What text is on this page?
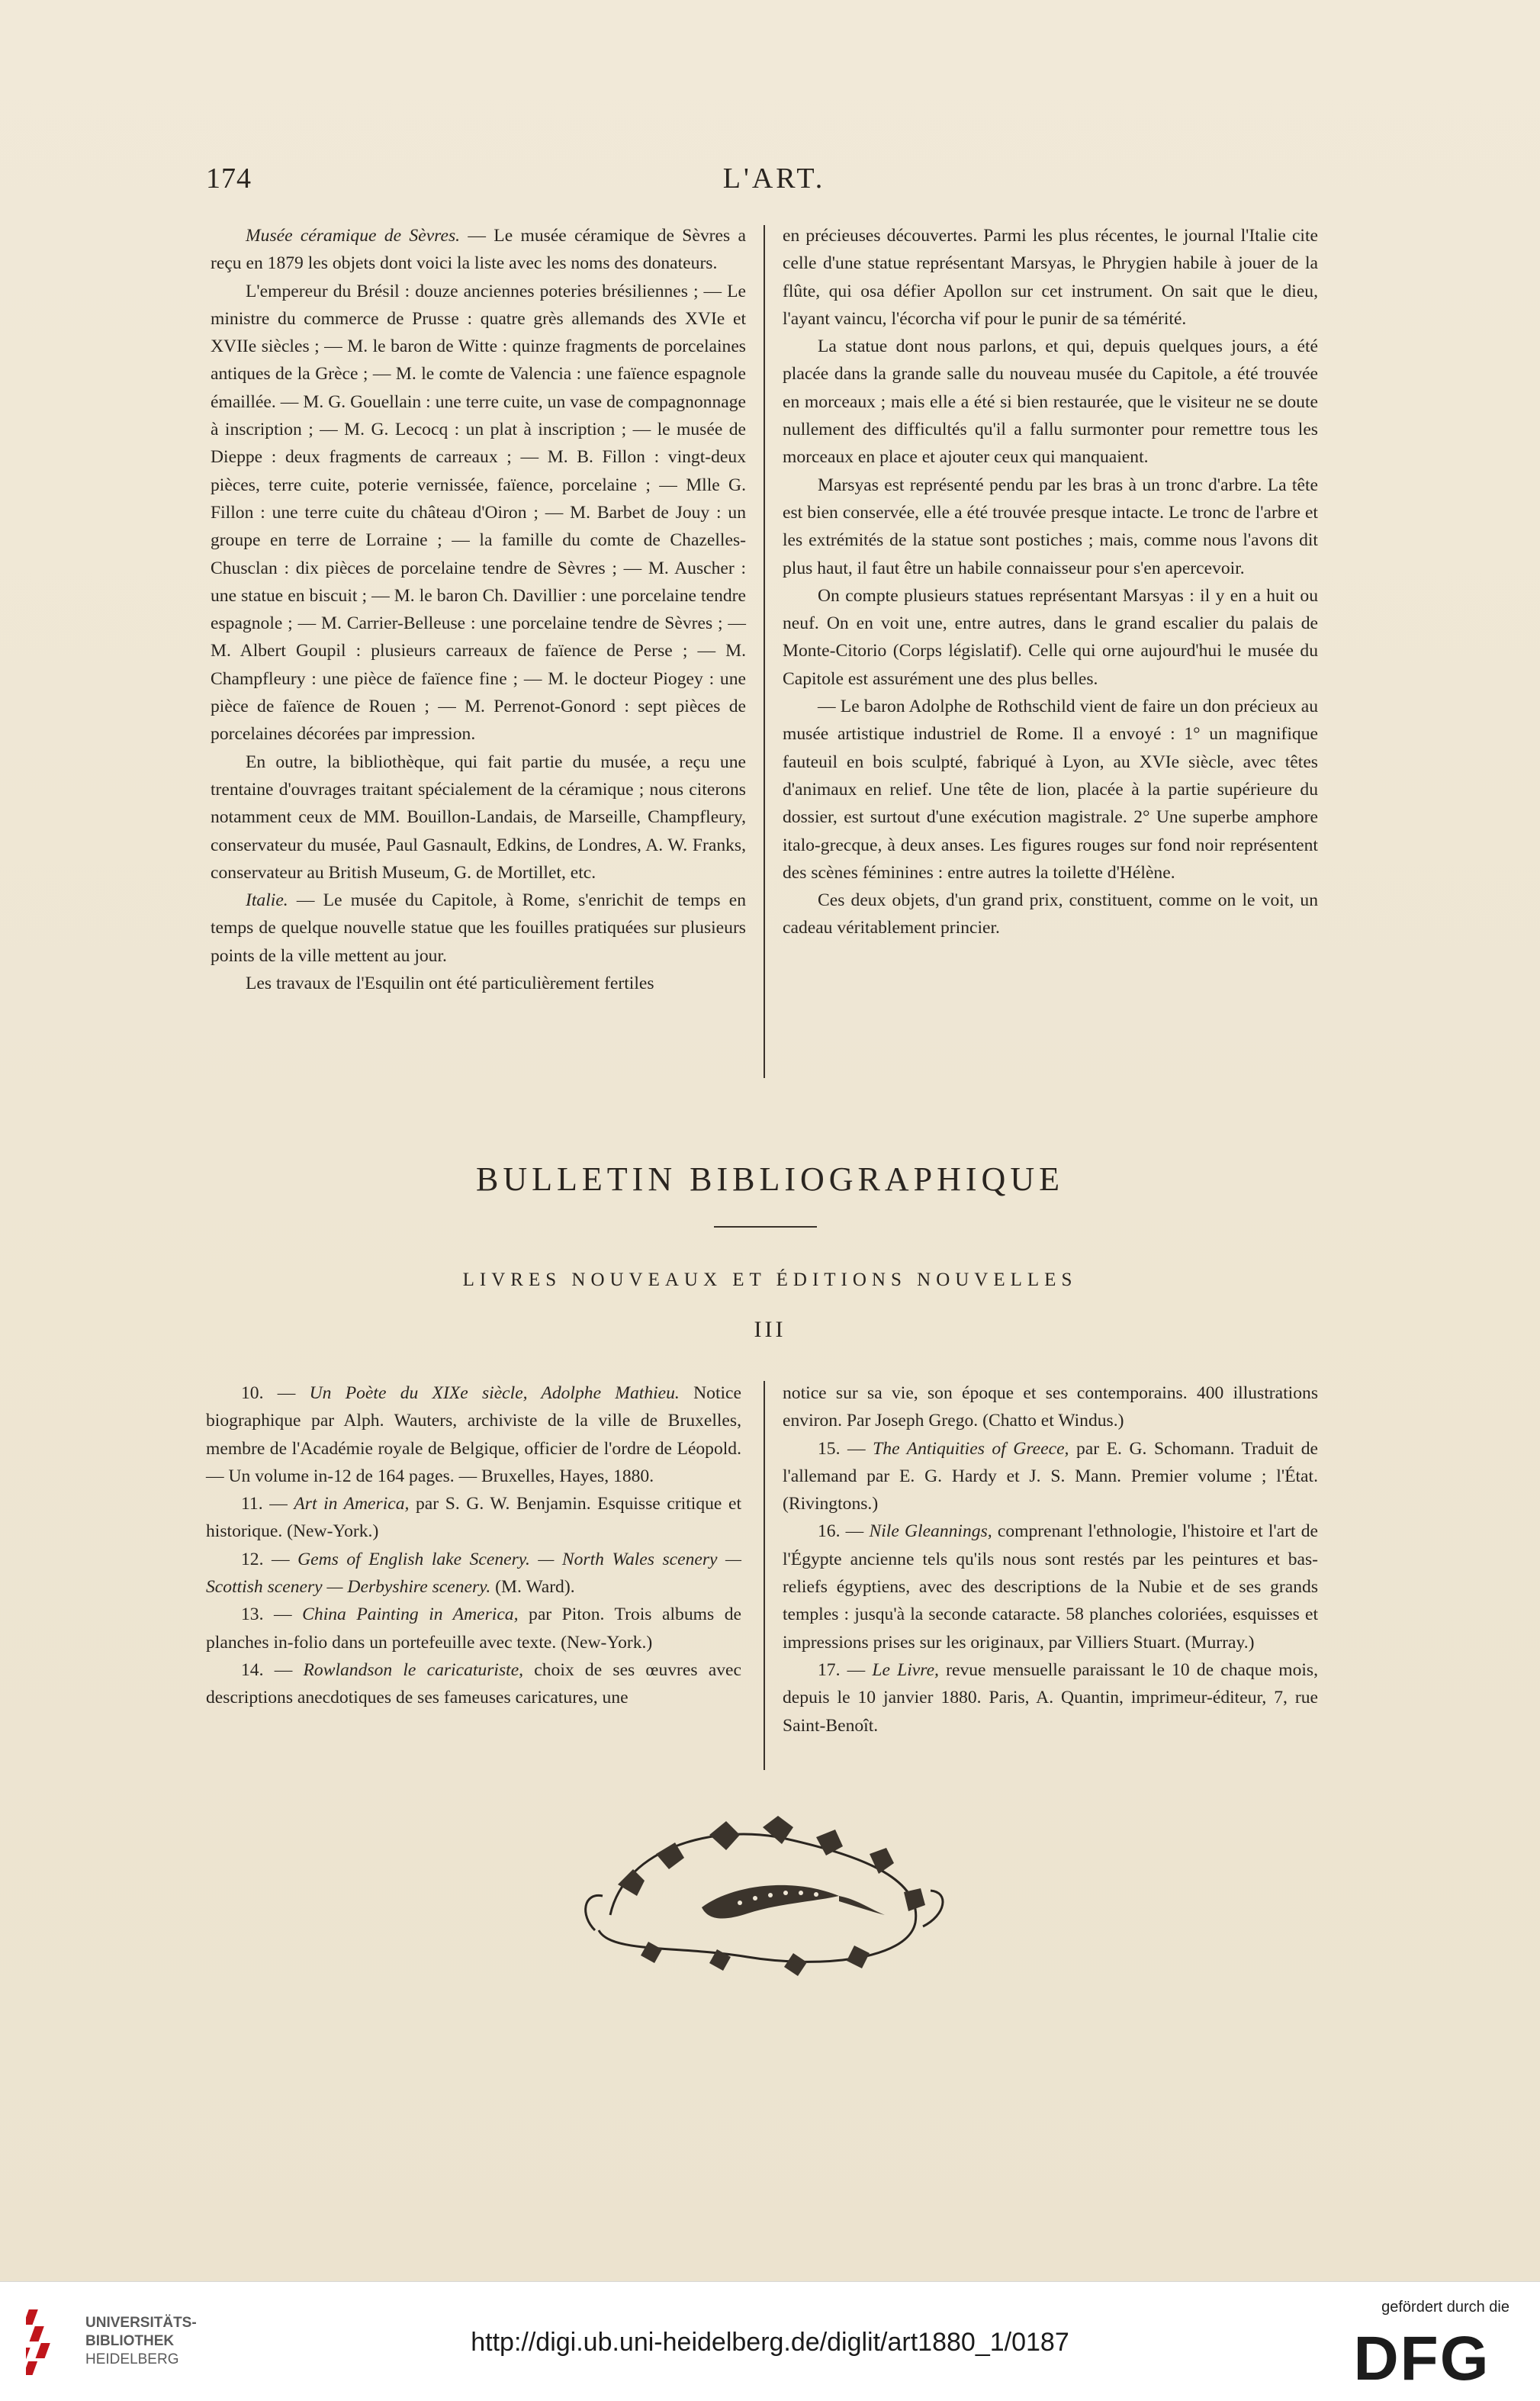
174	L'ART.

Musée céramique de Sèvres. — Le musée céramique de Sèvres a reçu en 1879 les objets dont voici la liste avec les noms des donateurs.

L'empereur du Brésil : douze anciennes poteries brésiliennes ; — Le ministre du commerce de Prusse : quatre grès allemands des XVIe et XVIIe siècles ; — M. le baron de Witte : quinze fragments de porcelaines antiques de la Grèce ; — M. le comte de Valencia : une faïence espagnole émaillée. — M. G. Gouellain : une terre cuite, un vase de compagnonnage à inscription ; — M. G. Lecocq : un plat à inscription ; — le musée de Dieppe : deux fragments de carreaux ; — M. B. Fillon : vingt-deux pièces, terre cuite, poterie vernissée, faïence, porcelaine ; — Mlle G. Fillon : une terre cuite du château d'Oiron ; — M. Barbet de Jouy : un groupe en terre de Lorraine ; — la famille du comte de Chazelles-Chusclan : dix pièces de porcelaine tendre de Sèvres ; — M. Auscher : une statue en biscuit ; — M. le baron Ch. Davillier : une porcelaine tendre espagnole ; — M. Carrier-Belleuse : une porcelaine tendre de Sèvres ; — M. Albert Goupil : plusieurs carreaux de faïence de Perse ; — M. Champfleury : une pièce de faïence fine ; — M. le docteur Piogey : une pièce de faïence de Rouen ; — M. Perrenot-Gonord : sept pièces de porcelaines décorées par impression.

En outre, la bibliothèque, qui fait partie du musée, a reçu une trentaine d'ouvrages traitant spécialement de la céramique ; nous citerons notamment ceux de MM. Bouillon-Landais, de Marseille, Champfleury, conservateur du musée, Paul Gasnault, Edkins, de Londres, A. W. Franks, conservateur au British Museum, G. de Mortillet, etc.

Italie. — Le musée du Capitole, à Rome, s'enrichit de temps en temps de quelque nouvelle statue que les fouilles pratiquées sur plusieurs points de la ville mettent au jour.

Les travaux de l'Esquilin ont été particulièrement fertiles

en précieuses découvertes. Parmi les plus récentes, le journal l'Italie cite celle d'une statue représentant Marsyas, le Phrygien habile à jouer de la flûte, qui osa défier Apollon sur cet instrument. On sait que le dieu, l'ayant vaincu, l'écorcha vif pour le punir de sa témérité.

La statue dont nous parlons, et qui, depuis quelques jours, a été placée dans la grande salle du nouveau musée du Capitole, a été trouvée en morceaux ; mais elle a été si bien restaurée, que le visiteur ne se doute nullement des difficultés qu'il a fallu surmonter pour remettre tous les morceaux en place et ajouter ceux qui manquaient.

Marsyas est représenté pendu par les bras à un tronc d'arbre. La tête est bien conservée, elle a été trouvée presque intacte. Le tronc de l'arbre et les extrémités de la statue sont postiches ; mais, comme nous l'avons dit plus haut, il faut être un habile connaisseur pour s'en apercevoir.

On compte plusieurs statues représentant Marsyas : il y en a huit ou neuf. On en voit une, entre autres, dans le grand escalier du palais de Monte-Citorio (Corps législatif). Celle qui orne aujourd'hui le musée du Capitole est assurément une des plus belles.

— Le baron Adolphe de Rothschild vient de faire un don précieux au musée artistique industriel de Rome. Il a envoyé : 1° un magnifique fauteuil en bois sculpté, fabriqué à Lyon, au XVIe siècle, avec têtes d'animaux en relief. Une tête de lion, placée à la partie supérieure du dossier, est surtout d'une exécution magistrale. 2° Une superbe amphore italo-grecque, à deux anses. Les figures rouges sur fond noir représentent des scènes féminines : entre autres la toilette d'Hélène.

Ces deux objets, d'un grand prix, constituent, comme on le voit, un cadeau véritablement princier.

BULLETIN BIBLIOGRAPHIQUE
LIVRES NOUVEAUX ET ÉDITIONS NOUVELLES
III

10. — Un Poète du XIXe siècle, Adolphe Mathieu. Notice biographique par Alph. Wauters, archiviste de la ville de Bruxelles, membre de l'Académie royale de Belgique, officier de l'ordre de Léopold. — Un volume in-12 de 164 pages. — Bruxelles, Hayes, 1880.

11. — Art in America, par S. G. W. Benjamin. Esquisse critique et historique. (New-York.)

12. — Gems of English lake Scenery. — North Wales scenery — Scottish scenery — Derbyshire scenery. (M. Ward).

13. — China Painting in America, par Piton. Trois albums de planches in-folio dans un portefeuille avec texte. (New-York.)

14. — Rowlandson le caricaturiste, choix de ses œuvres avec descriptions anecdotiques de ses fameuses caricatures, une

notice sur sa vie, son époque et ses contemporains. 400 illustrations environ. Par Joseph Grego. (Chatto et Windus.)

15. — The Antiquities of Greece, par E. G. Schomann. Traduit de l'allemand par E. G. Hardy et J. S. Mann. Premier volume ; l'État. (Rivingtons.)

16. — Nile Gleannings, comprenant l'ethnologie, l'histoire et l'art de l'Égypte ancienne tels qu'ils nous sont restés par les peintures et bas-reliefs égyptiens, avec des descriptions de la Nubie et de ses grands temples : jusqu'à la seconde cataracte. 58 planches coloriées, esquisses et impressions prises sur les originaux, par Villiers Stuart. (Murray.)

17. — Le Livre, revue mensuelle paraissant le 10 de chaque mois, depuis le 10 janvier 1880. Paris, A. Quantin, imprimeur-éditeur, 7, rue Saint-Benoît.

UNIVERSITÄTS-
BIBLIOTHEK
HEIDELBERG
http://digi.ub.uni-heidelberg.de/diglit/art1880_1/0187
gefördert durch die
DFG
